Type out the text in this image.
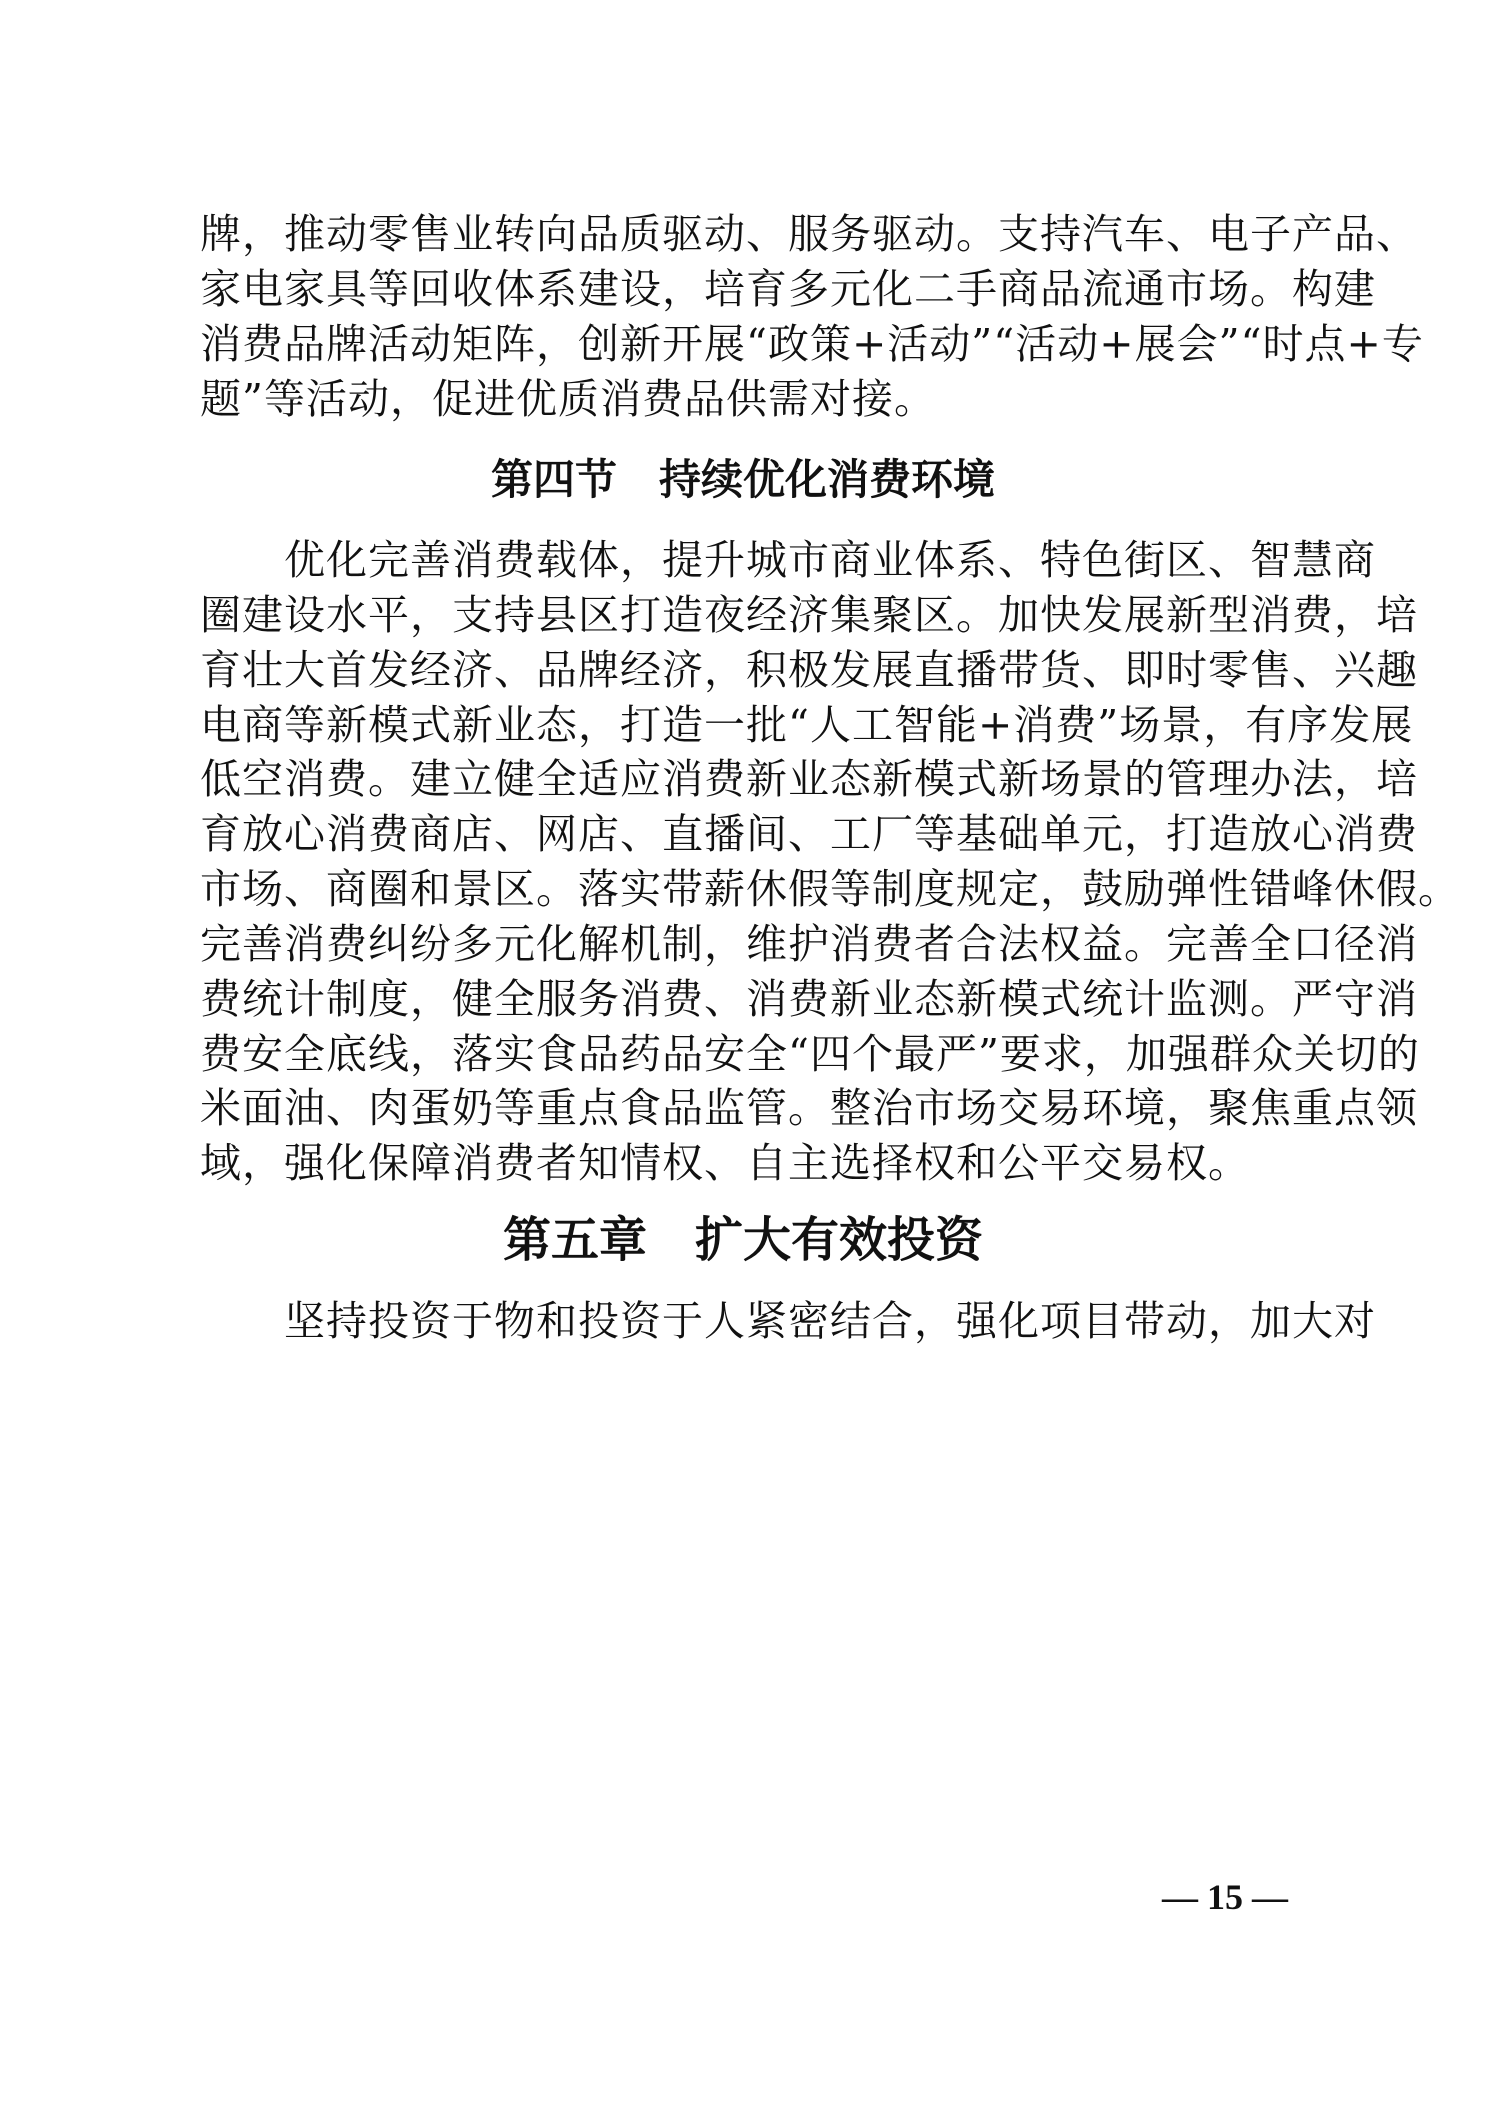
牌，推动零售业转向品质驱动、服务驱动。支持汽车、电子产品、
家电家具等回收体系建设，培育多元化二手商品流通市场。构建
消费品牌活动矩阵，创新开展“政策+活动”“活动+展会”“时点+专
题”等活动，促进优质消费品供需对接。
第四节　持续优化消费环境
　　优化完善消费载体，提升城市商业体系、特色街区、智慧商
圈建设水平，支持县区打造夜经济集聚区。加快发展新型消费，培
育壮大首发经济、品牌经济，积极发展直播带货、即时零售、兴趣
电商等新模式新业态，打造一批“人工智能+消费”场景，有序发展
低空消费。建立健全适应消费新业态新模式新场景的管理办法，培
育放心消费商店、网店、直播间、工厂等基础单元，打造放心消费
市场、商圈和景区。落实带薪休假等制度规定，鼓励弹性错峰休假。
完善消费纠纷多元化解机制，维护消费者合法权益。完善全口径消
费统计制度，健全服务消费、消费新业态新模式统计监测。严守消
费安全底线，落实食品药品安全“四个最严”要求，加强群众关切的
米面油、肉蛋奶等重点食品监管。整治市场交易环境，聚焦重点领
域，强化保障消费者知情权、自主选择权和公平交易权。
第五章　扩大有效投资
　　坚持投资于物和投资于人紧密结合，强化项目带动，加大对
— 15 —
